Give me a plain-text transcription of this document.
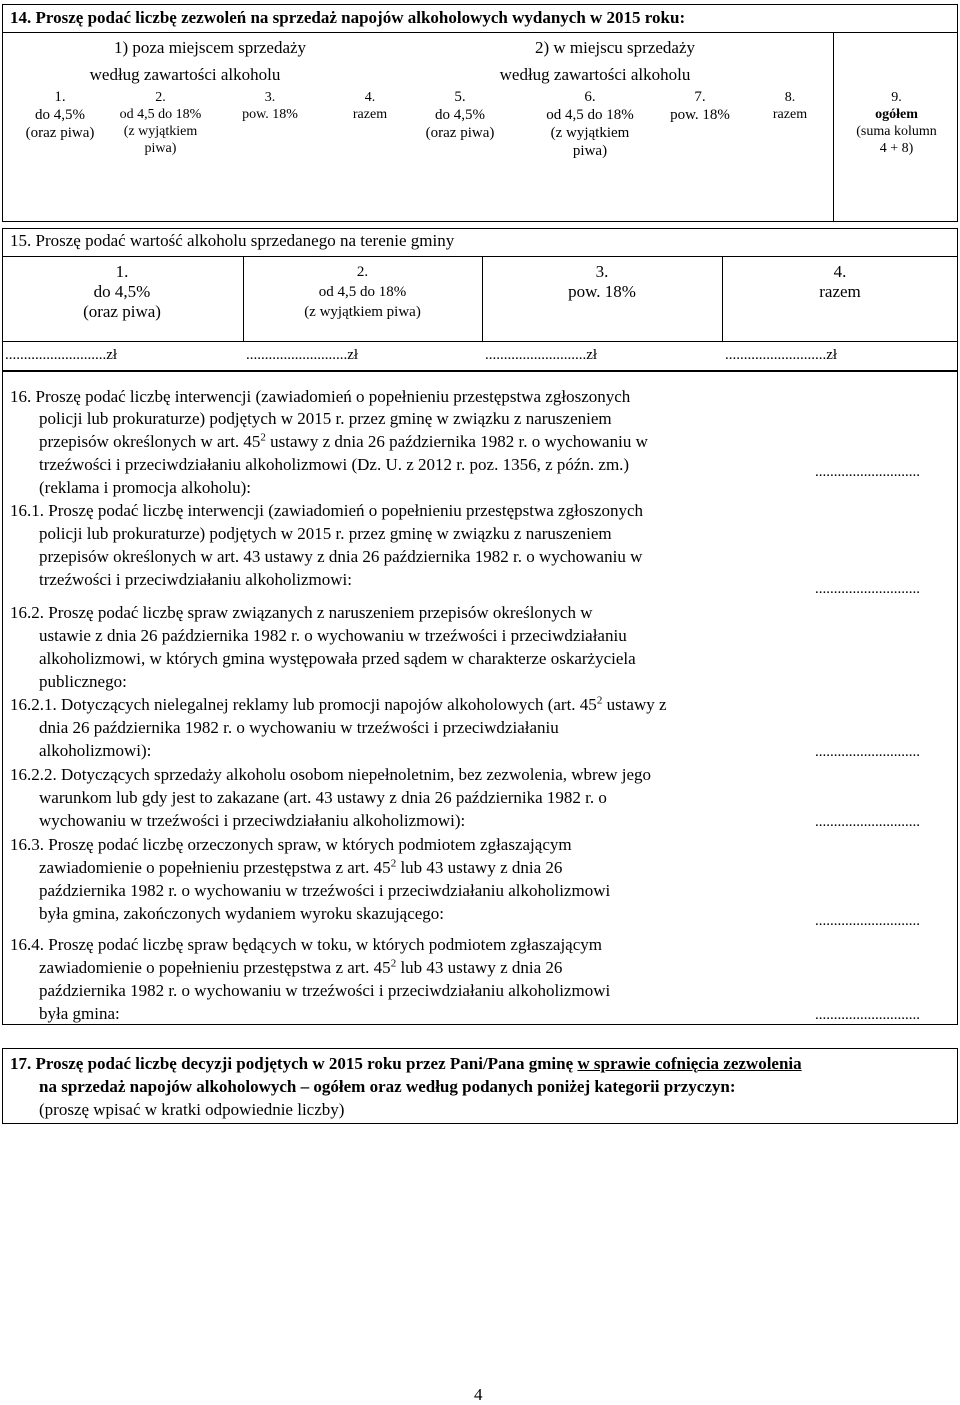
14. Proszę podać liczbę zezwoleń na sprzedaż napojów alkoholowych wydanych w 2015 roku:
1) poza miejscem sprzedaży	2) w miejscu sprzedaży
według zawartości alkoholu	według zawartości alkoholu
1.
do 4,5%
(oraz piwa)
2.
od 4,5 do 18%
(z wyjątkiem
piwa)
3.
pow. 18%
4.
razem
5.
do 4,5%
(oraz piwa)
6.
od 4,5 do 18%
(z wyjątkiem
piwa)
7.
pow. 18%
8.
razem
9.
ogółem
(suma kolumn
4 + 8)
15. Proszę podać wartość alkoholu sprzedanego na terenie gminy
1.
do 4,5%
(oraz piwa)
2.
od 4,5 do 18%
(z wyjątkiem piwa)
3.
pow. 18%
4.
razem
...........................zł	...........................zł	...........................zł	...........................zł
16. Proszę podać liczbę interwencji (zawiadomień o popełnieniu przestępstwa zgłoszonych
policji lub prokuraturze) podjętych w 2015 r. przez gminę w związku z naruszeniem
przepisów określonych w art. $45^2$ ustawy z dnia 26 października 1982 r. o wychowaniu w
trzeźwości i przeciwdziałaniu alkoholizmowi (Dz. U. z 2012 r. poz. 1356, z późn. zm.)
(reklama i promocja alkoholu):
............................
16.1. Proszę podać liczbę interwencji (zawiadomień o popełnieniu przestępstwa zgłoszonych
policji lub prokuraturze) podjętych w 2015 r. przez gminę w związku z naruszeniem
przepisów określonych w art. 43 ustawy z dnia 26 października 1982 r. o wychowaniu w
trzeźwości i przeciwdziałaniu alkoholizmowi:	............................
16.2. Proszę podać liczbę spraw związanych z naruszeniem przepisów określonych w
ustawie z dnia 26 października 1982 r. o wychowaniu w trzeźwości i przeciwdziałaniu
alkoholizmowi, w których gmina występowała przed sądem w charakterze oskarżyciela
publicznego:
16.2.1. Dotyczących nielegalnej reklamy lub promocji napojów alkoholowych (art. $45^2$ ustawy z
dnia 26 października 1982 r. o wychowaniu w trzeźwości i przeciwdziałaniu
alkoholizmowi):	............................
16.2.2. Dotyczących sprzedaży alkoholu osobom niepełnoletnim, bez zezwolenia, wbrew jego
warunkom lub gdy jest to zakazane (art. 43 ustawy z dnia 26 października 1982 r. o
wychowaniu w trzeźwości i przeciwdziałaniu alkoholizmowi):	............................
16.3. Proszę podać liczbę orzeczonych spraw, w których podmiotem zgłaszającym
zawiadomienie o popełnieniu przestępstwa z art. $45^2$ lub 43 ustawy z dnia 26
października 1982 r. o wychowaniu w trzeźwości i przeciwdziałaniu alkoholizmowi
była gmina, zakończonych wydaniem wyroku skazującego:	............................
16.4. Proszę podać liczbę spraw będących w toku, w których podmiotem zgłaszającym
zawiadomienie o popełnieniu przestępstwa z art. $45^2$ lub 43 ustawy z dnia 26
października 1982 r. o wychowaniu w trzeźwości i przeciwdziałaniu alkoholizmowi
była gmina:	............................
17. Proszę podać liczbę decyzji podjętych w 2015 roku przez Pani/Pana gminę w sprawie cofnięcia zezwolenia
na sprzedaż napojów alkoholowych – ogółem oraz według podanych poniżej kategorii przyczyn:
(proszę wpisać w kratki odpowiednie liczby)
4
